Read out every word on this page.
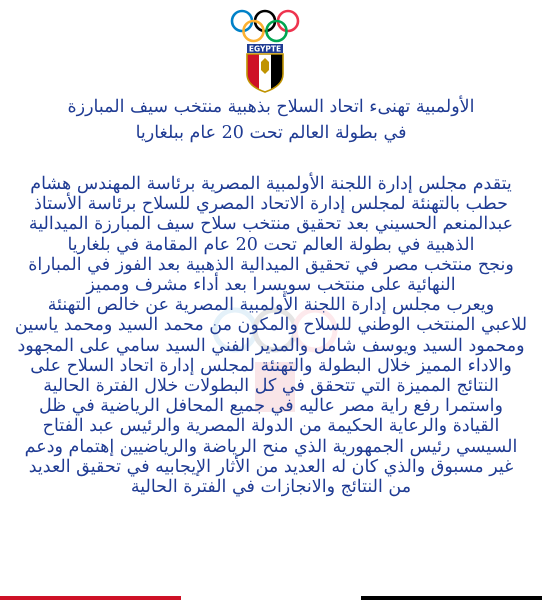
EGYPTE
الأولمبية تهنىء اتحاد السلاح بذهبية منتخب سيف المبارزة
في بطولة العالم تحت 20 عام ببلغاريا
يتقدم مجلس إدارة اللجنة الأولمبية المصرية برئاسة المهندس هشام
حطب بالتهنئة لمجلس إدارة الاتحاد المصري للسلاح برئاسة الأستاذ
عبدالمنعم الحسيني بعد تحقيق منتخب سلاح سيف المبارزة الميدالية
الذهبية في بطولة العالم تحت 20 عام المقامة في بلغاريا
ونجح منتخب مصر في تحقيق الميدالية الذهبية بعد الفوز في المباراة
النهائية على منتخب سويسرا بعد أداء مشرف ومميز
ويعرب مجلس إدارة اللجنة الأولمبية المصرية عن خالص التهنئة
للاعبي المنتخب الوطني للسلاح والمكون من محمد السيد ومحمد ياسين
ومحمود السيد ويوسف شامل والمدير الفني السيد سامي على المجهود
والاداء المميز خلال البطولة والتهنئة لمجلس إدارة اتحاد السلاح على
النتائج المميزة التي تتحقق في كل البطولات خلال الفترة الحالية
واستمرا رفع راية مصر عاليه في جميع المحافل الرياضية في ظل
القيادة والرعاية الحكيمة من الدولة المصرية والرئيس عبد الفتاح
السيسي رئيس الجمهورية الذي منح الرياضة والرياضيين إهتمام ودعم
غير مسبوق والذي كان له العديد من الأثار الإيجابيه في تحقيق العديد
من النتائج والانجازات في الفترة الحالية
